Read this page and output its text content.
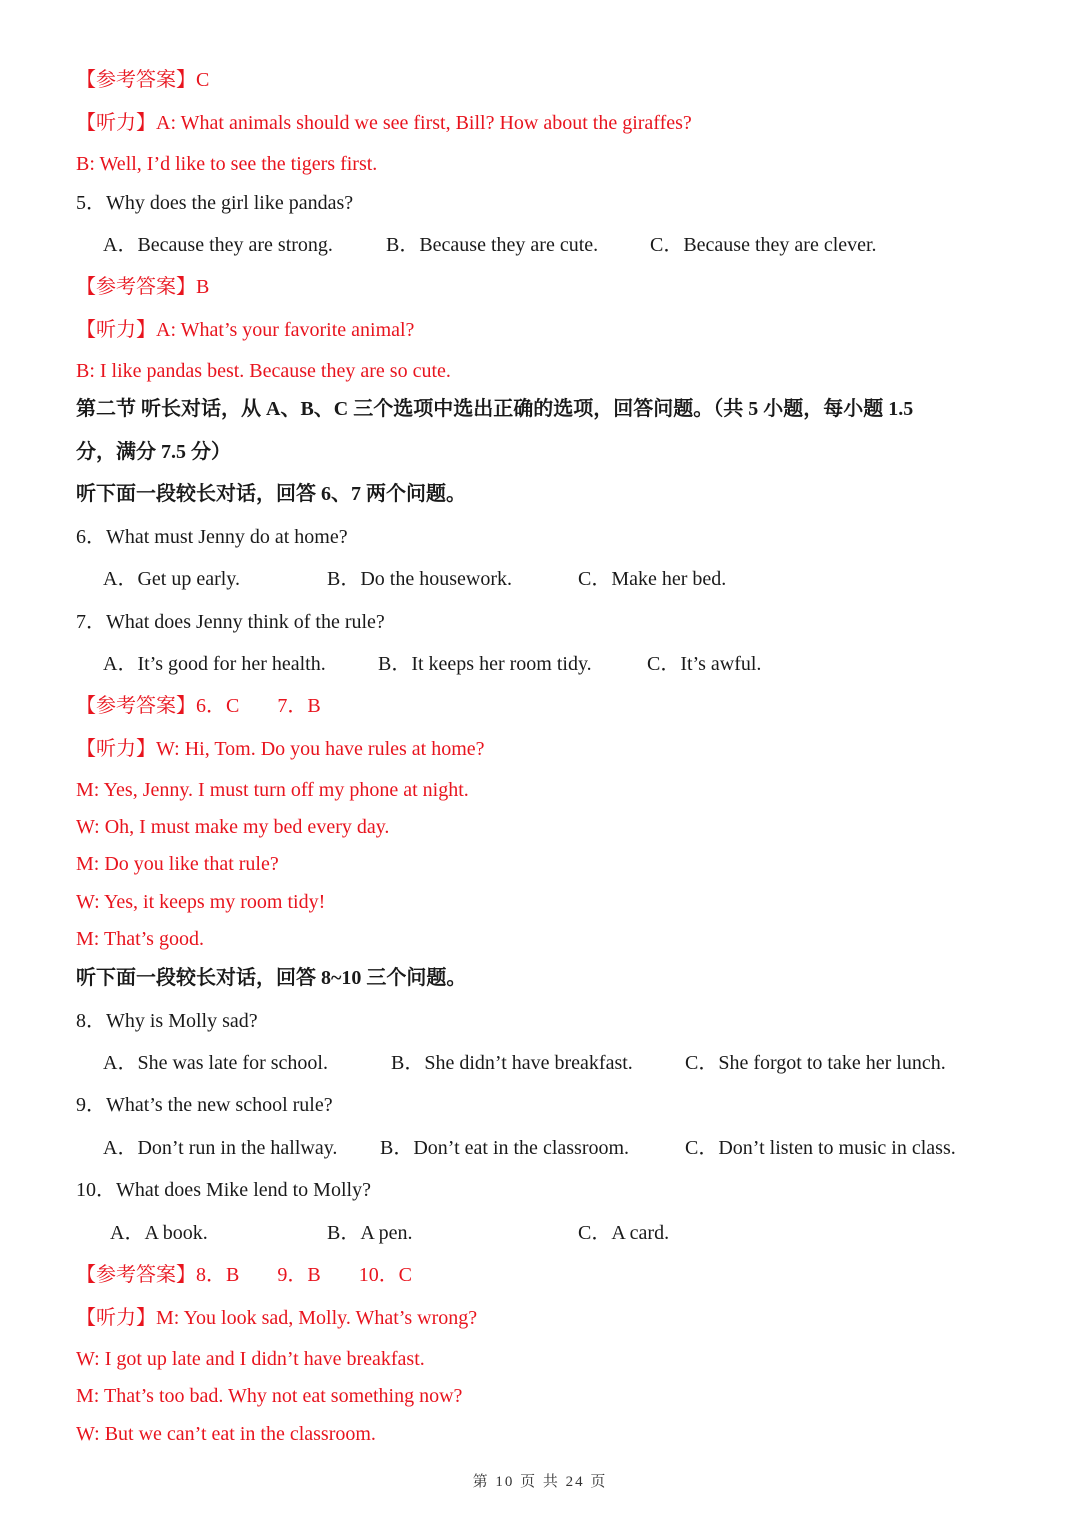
【参考答案】C
【听力】A: What animals should we see first, Bill? How about the giraffes?
B: Well, I’d like to see the tigers first.
5．Why does the girl like pandas?
A．Because they are strong.	B．Because they are cute.	C．Because they are clever.
【参考答案】B
【听力】A: What’s your favorite animal?
B: I like pandas best. Because they are so cute.
第二节 听长对话，从 A、B、C 三个选项中选出正确的选项，回答问题。（共 5 小题，每小题 1.5
分，满分 7.5 分）
听下面一段较长对话，回答 6、7 两个问题。
6．What must Jenny do at home?
A．Get up early.	B．Do the housework.	C．Make her bed.
7．What does Jenny think of the rule?
A．It’s good for her health.	B．It keeps her room tidy.	C．It’s awful.
【参考答案】6．C 7．B
【听力】W: Hi, Tom. Do you have rules at home?
M: Yes, Jenny. I must turn off my phone at night.
W: Oh, I must make my bed every day.
M: Do you like that rule?
W: Yes, it keeps my room tidy!
M: That’s good.
听下面一段较长对话，回答 8~10 三个问题。
8．Why is Molly sad?
A．She was late for school.	B．She didn’t have breakfast.	C．She forgot to take her lunch.
9．What’s the new school rule?
A．Don’t run in the hallway. B．Don’t eat in the classroom.	C．Don’t listen to music in class.
10．What does Mike lend to Molly?
A．A book.	B．A pen.	C．A card.
【参考答案】8．B 9．B 10．C
【听力】M: You look sad, Molly. What’s wrong?
W: I got up late and I didn’t have breakfast.
M: That’s too bad. Why not eat something now?
W: But we can’t eat in the classroom.
第 10 页 共 24 页
